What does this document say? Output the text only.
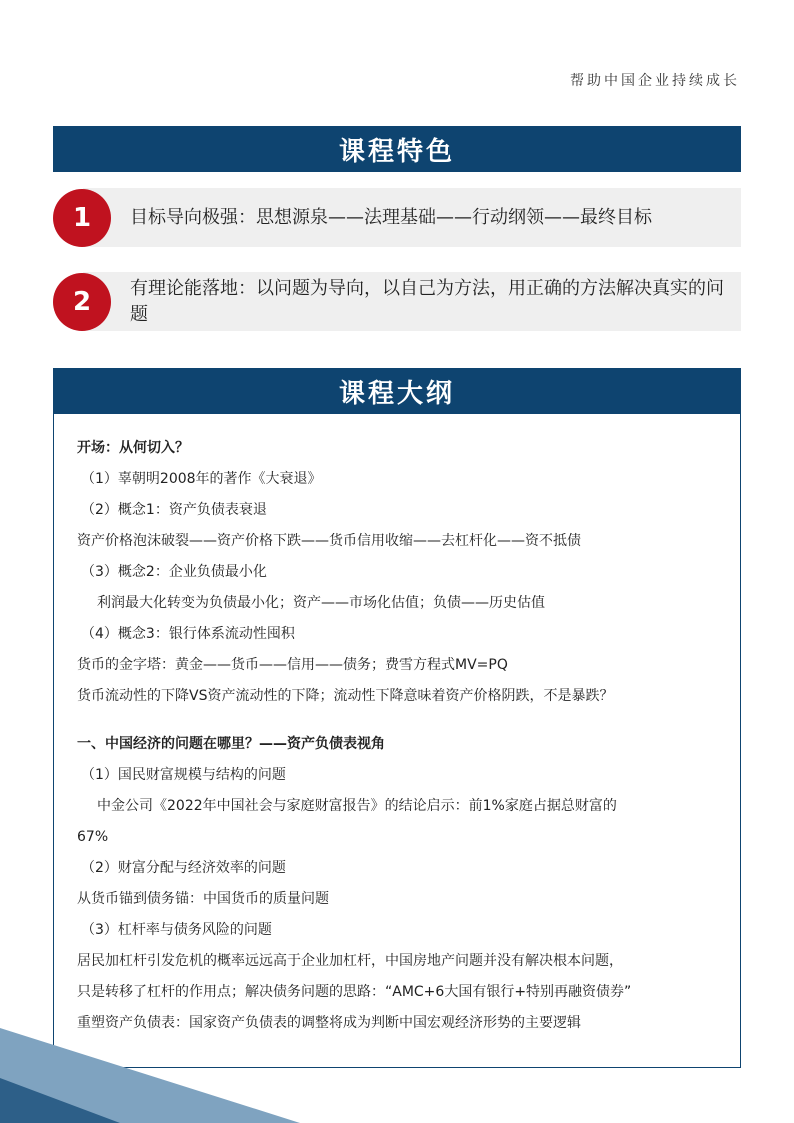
帮助中国企业持续成长
课程特色
1	目标导向极强：思想源泉——法理基础——行动纲领——最终目标
2	有理论能落地：以问题为导向，以自己为方法，用正确的方法解决真实的问题
课程大纲
开场：从何切入？
（1）辜朝明2008年的著作《大衰退》
（2）概念1：资产负债表衰退
资产价格泡沫破裂——资产价格下跌——货币信用收缩——去杠杆化——资不抵债
（3）概念2：企业负债最小化
利润最大化转变为负债最小化；资产——市场化估值；负债——历史估值
（4）概念3：银行体系流动性囤积
货币的金字塔：黄金——货币——信用——债务；费雪方程式MV=PQ
货币流动性的下降VS资产流动性的下降；流动性下降意味着资产价格阴跌，不是暴跌？
一、中国经济的问题在哪里？——资产负债表视角
（1）国民财富规模与结构的问题
中金公司《2022年中国社会与家庭财富报告》的结论启示：前1%家庭占据总财富的
67%
（2）财富分配与经济效率的问题
从货币锚到债务锚：中国货币的质量问题
（3）杠杆率与债务风险的问题
居民加杠杆引发危机的概率远远高于企业加杠杆，中国房地产问题并没有解决根本问题，
只是转移了杠杆的作用点；解决债务问题的思路：“AMC+6大国有银行+特别再融资债券”
重塑资产负债表：国家资产负债表的调整将成为判断中国宏观经济形势的主要逻辑
